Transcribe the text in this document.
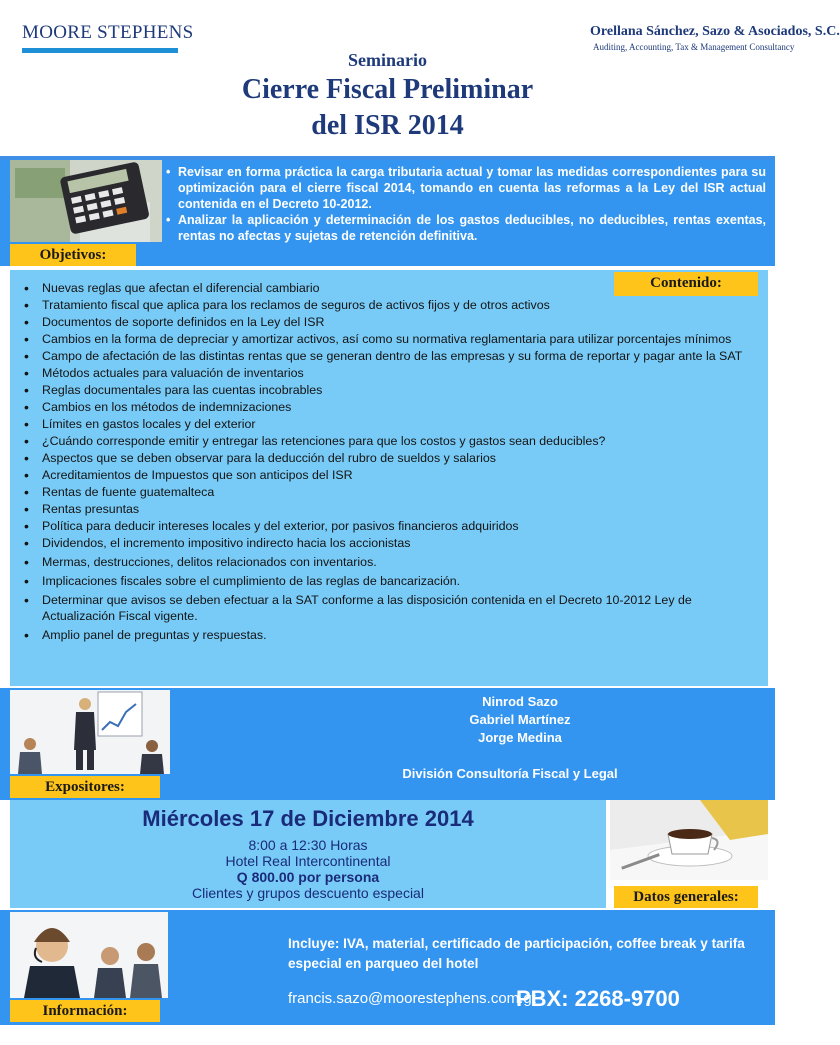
MOORE STEPHENS	Orellana Sánchez, Sazo & Asociados, S.C.
Auditing, Accounting, Tax & Management Consultancy
Seminario
Cierre Fiscal Preliminar
del ISR 2014
Objetivos:
• Revisar en forma práctica la carga tributaria actual y tomar las medidas correspondientes para su optimización para el cierre fiscal 2014, tomando en cuenta las reformas a la Ley del ISR actual contenida en el Decreto 10-2012.
• Analizar la aplicación y determinación de los gastos deducibles, no deducibles, rentas exentas, rentas no afectas y sujetas de retención definitiva.
Contenido:
• Nuevas reglas que afectan el diferencial cambiario
• Tratamiento fiscal que aplica para los reclamos de seguros de activos fijos y de otros activos
• Documentos de soporte definidos en la Ley del ISR
• Cambios en la forma de depreciar y amortizar activos, así como su normativa reglamentaria para utilizar porcentajes mínimos
• Campo de afectación de las distintas rentas que se generan dentro de las empresas y su forma de reportar y pagar ante la SAT
• Métodos actuales para valuación de inventarios
• Reglas documentales para las cuentas incobrables
• Cambios en los métodos de indemnizaciones
• Límites en gastos locales y del exterior
• ¿Cuándo corresponde emitir y entregar las retenciones para que los costos y gastos sean deducibles?
• Aspectos que se deben observar para la deducción del rubro de sueldos y salarios
• Acreditamientos de Impuestos que son anticipos del ISR
• Rentas de fuente guatemalteca
• Rentas presuntas
• Política para deducir intereses locales y del exterior, por pasivos financieros adquiridos
• Dividendos, el incremento impositivo indirecto hacia los accionistas
• Mermas, destrucciones, delitos relacionados con inventarios.
• Implicaciones fiscales sobre el cumplimiento de las reglas de bancarización.
• Determinar que avisos se deben efectuar a la SAT conforme a las disposición contenida en el Decreto 10-2012 Ley de Actualización Fiscal vigente.
• Amplio panel de preguntas y respuestas.
Expositores:
Ninrod Sazo
Gabriel Martínez
Jorge Medina
División Consultoría Fiscal y Legal
Datos generales:
Miércoles 17 de Diciembre 2014
8:00 a 12:30 Horas
Hotel Real Intercontinental
Q 800.00 por persona
Clientes y grupos descuento especial
Información:
Incluye: IVA, material, certificado de participación, coffee break y tarifa especial en parqueo del hotel
francis.sazo@moorestephens.com.gt
PBX: 2268-9700
